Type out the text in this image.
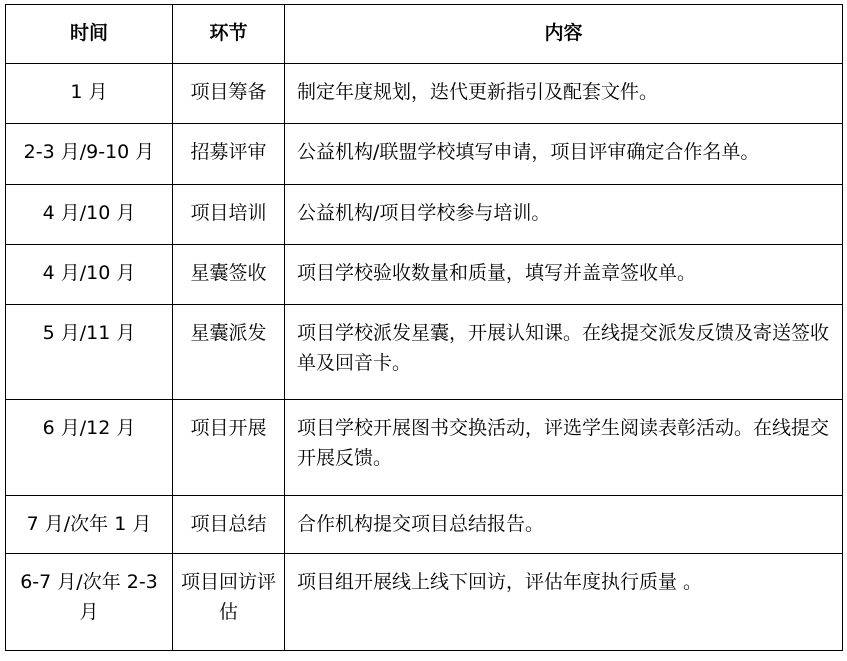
时间	环节	内容
1 月	项目筹备	制定年度规划，迭代更新指引及配套文件。
2-3 月/9-10 月	招募评审	公益机构/联盟学校填写申请，项目评审确定合作名单。
4 月/10 月	项目培训	公益机构/项目学校参与培训。
4 月/10 月	星囊签收	项目学校验收数量和质量，填写并盖章签收单。
5 月/11 月	星囊派发	项目学校派发星囊，开展认知课。在线提交派发反馈及寄送签收单及回音卡。
6 月/12 月	项目开展	项目学校开展图书交换活动，评选学生阅读表彰活动。在线提交开展反馈。
7 月/次年 1 月	项目总结	合作机构提交项目总结报告。
6-7 月/次年 2-3 月	项目回访评估	项目组开展线上线下回访，评估年度执行质量 。
